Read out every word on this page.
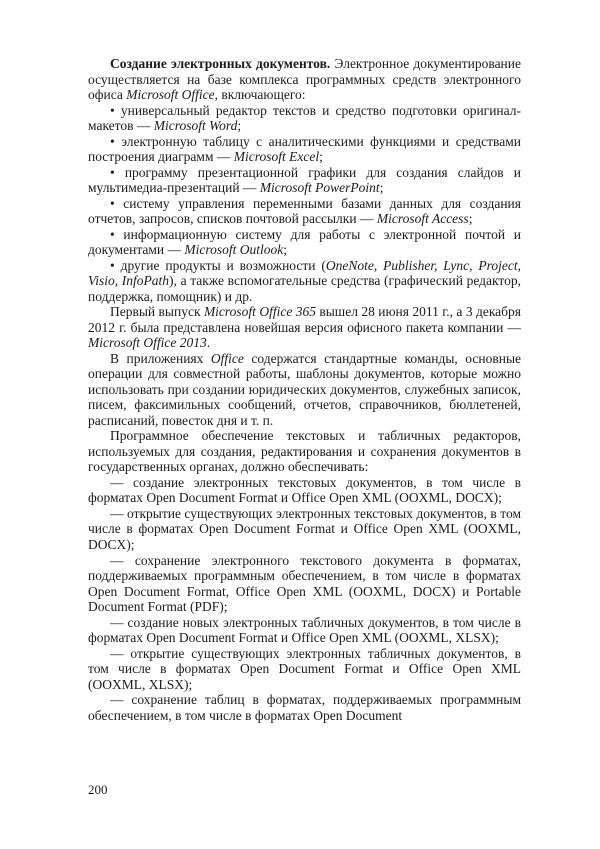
Создание электронных документов. Электронное документирование осуществляется на базе комплекса программных средств электронного офиса Microsoft Office, включающего:

• универсальный редактор текстов и средство подготовки оригинал-макетов — Microsoft Word;

• электронную таблицу с аналитическими функциями и средствами построения диаграмм — Microsoft Excel;

• программу презентационной графики для создания слайдов и мультимедиа-презентаций — Microsoft PowerPoint;

• систему управления переменными базами данных для создания отчетов, запросов, списков почтовой рассылки — Microsoft Access;

• информационную систему для работы с электронной почтой и документами — Microsoft Outlook;

• другие продукты и возможности (OneNote, Publisher, Lync, Project, Visio, InfoPath), а также вспомогательные средства (графический редактор, поддержка, помощник) и др.

Первый выпуск Microsoft Office 365 вышел 28 июня 2011 г., а 3 декабря 2012 г. была представлена новейшая версия офисного пакета компании — Microsoft Office 2013.

В приложениях Office содержатся стандартные команды, основные операции для совместной работы, шаблоны документов, которые можно использовать при создании юридических документов, служебных записок, писем, факсимильных сообщений, отчетов, справочников, бюллетеней, расписаний, повесток дня и т. п.

Программное обеспечение текстовых и табличных редакторов, используемых для создания, редактирования и сохранения документов в государственных органах, должно обеспечивать:

— создание электронных текстовых документов, в том числе в форматах Open Document Format и Office Open XML (OOXML, DOCX);

— открытие существующих электронных текстовых документов, в том числе в форматах Open Document Format и Office Open XML (OOXML, DOCX);

— сохранение электронного текстового документа в форматах, поддерживаемых программным обеспечением, в том числе в форматах Open Document Format, Office Open XML (OOXML, DOCX) и Portable Document Format (PDF);

— создание новых электронных табличных документов, в том числе в форматах Open Document Format и Office Open XML (OOXML, XLSX);

— открытие существующих электронных табличных документов, в том числе в форматах Open Document Format и Office Open XML (OOXML, XLSX);

— сохранение таблиц в форматах, поддерживаемых программным обеспечением, в том числе в форматах Open Document

200
